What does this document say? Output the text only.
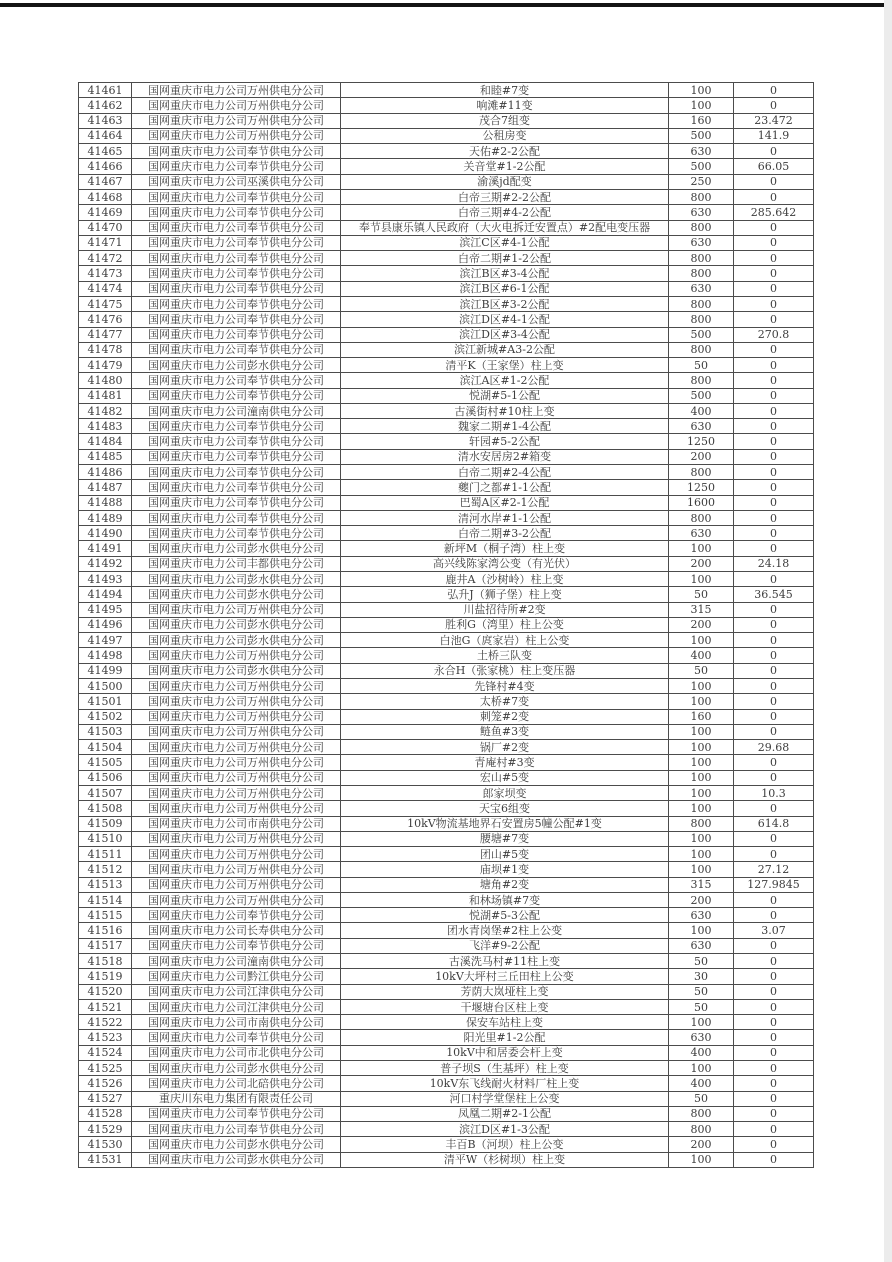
41461	国网重庆市电力公司万州供电分公司	和睦#7变	100	0
41462	国网重庆市电力公司万州供电分公司	响滩#11变	100	0
41463	国网重庆市电力公司万州供电分公司	茂合7组变	160	23.472
41464	国网重庆市电力公司万州供电分公司	公租房变	500	141.9
41465	国网重庆市电力公司奉节供电分公司	天佑#2-2公配	630	0
41466	国网重庆市电力公司奉节供电分公司	关音堂#1-2公配	500	66.05
41467	国网重庆市电力公司巫溪供电分公司	渝溪jd配变	250	0
41468	国网重庆市电力公司奉节供电分公司	白帝三期#2-2公配	800	0
41469	国网重庆市电力公司奉节供电分公司	白帝三期#4-2公配	630	285.642
41470	国网重庆市电力公司奉节供电分公司	奉节县康乐镇人民政府（大火电拆迁安置点）#2配电变压器	800	0
41471	国网重庆市电力公司奉节供电分公司	滨江C区#4-1公配	630	0
41472	国网重庆市电力公司奉节供电分公司	白帝二期#1-2公配	800	0
41473	国网重庆市电力公司奉节供电分公司	滨江B区#3-4公配	800	0
41474	国网重庆市电力公司奉节供电分公司	滨江B区#6-1公配	630	0
41475	国网重庆市电力公司奉节供电分公司	滨江B区#3-2公配	800	0
41476	国网重庆市电力公司奉节供电分公司	滨江D区#4-1公配	800	0
41477	国网重庆市电力公司奉节供电分公司	滨江D区#3-4公配	500	270.8
41478	国网重庆市电力公司奉节供电分公司	滨江新城#A3-2公配	800	0
41479	国网重庆市电力公司彭水供电分公司	清平K（王家堡）柱上变	50	0
41480	国网重庆市电力公司奉节供电分公司	滨江A区#1-2公配	800	0
41481	国网重庆市电力公司奉节供电分公司	悦湖#5-1公配	500	0
41482	国网重庆市电力公司潼南供电分公司	古溪街村#10柱上变	400	0
41483	国网重庆市电力公司奉节供电分公司	魏家二期#1-4公配	630	0
41484	国网重庆市电力公司奉节供电分公司	轩园#5-2公配	1250	0
41485	国网重庆市电力公司奉节供电分公司	清水安居房2#箱变	200	0
41486	国网重庆市电力公司奉节供电分公司	白帝二期#2-4公配	800	0
41487	国网重庆市电力公司奉节供电分公司	夔门之都#1-1公配	1250	0
41488	国网重庆市电力公司奉节供电分公司	巴蜀A区#2-1公配	1600	0
41489	国网重庆市电力公司奉节供电分公司	清河水岸#1-1公配	800	0
41490	国网重庆市电力公司奉节供电分公司	白帝二期#3-2公配	630	0
41491	国网重庆市电力公司彭水供电分公司	新坪M（桐子湾）柱上变	100	0
41492	国网重庆市电力公司丰都供电分公司	高兴线陈家湾公变（有光伏）	200	24.18
41493	国网重庆市电力公司彭水供电分公司	鹿井A（沙树岭）柱上变	100	0
41494	国网重庆市电力公司彭水供电分公司	弘升J（狮子堡）柱上变	50	36.545
41495	国网重庆市电力公司万州供电分公司	川盐招待所#2变	315	0
41496	国网重庆市电力公司彭水供电分公司	胜利G（湾里）柱上公变	200	0
41497	国网重庆市电力公司彭水供电分公司	白池G（庹家岩）柱上公变	100	0
41498	国网重庆市电力公司万州供电分公司	土桥三队变	400	0
41499	国网重庆市电力公司彭水供电分公司	永合H（张家桃）柱上变压器	50	0
41500	国网重庆市电力公司万州供电分公司	先锋村#4变	100	0
41501	国网重庆市电力公司万州供电分公司	太桥#7变	100	0
41502	国网重庆市电力公司万州供电分公司	刺笼#2变	160	0
41503	国网重庆市电力公司万州供电分公司	鲢鱼#3变	100	0
41504	国网重庆市电力公司万州供电分公司	锅厂#2变	100	29.68
41505	国网重庆市电力公司万州供电分公司	青庵村#3变	100	0
41506	国网重庆市电力公司万州供电分公司	宏山#5变	100	0
41507	国网重庆市电力公司万州供电分公司	郎家坝变	100	10.3
41508	国网重庆市电力公司万州供电分公司	天宝6组变	100	0
41509	国网重庆市电力公司市南供电分公司	10kV物流基地界石安置房5幢公配#1变	800	614.8
41510	国网重庆市电力公司万州供电分公司	腰塘#7变	100	0
41511	国网重庆市电力公司万州供电分公司	团山#5变	100	0
41512	国网重庆市电力公司万州供电分公司	庙坝#1变	100	27.12
41513	国网重庆市电力公司万州供电分公司	塘角#2变	315	127.9845
41514	国网重庆市电力公司万州供电分公司	和林场镇#7变	200	0
41515	国网重庆市电力公司奉节供电分公司	悦湖#5-3公配	630	0
41516	国网重庆市电力公司长寿供电分公司	团水青岗堡#2柱上公变	100	3.07
41517	国网重庆市电力公司奉节供电分公司	飞洋#9-2公配	630	0
41518	国网重庆市电力公司潼南供电分公司	古溪洗马村#11柱上变	50	0
41519	国网重庆市电力公司黔江供电分公司	10kV大坪村三丘田柱上公变	30	0
41520	国网重庆市电力公司江津供电分公司	芳荫大岚垭柱上变	50	0
41521	国网重庆市电力公司江津供电分公司	干堰塘台区柱上变	50	0
41522	国网重庆市电力公司市南供电分公司	保安车站柱上变	100	0
41523	国网重庆市电力公司奉节供电分公司	阳光里#1-2公配	630	0
41524	国网重庆市电力公司市北供电分公司	10kV中和居委会杆上变	400	0
41525	国网重庆市电力公司彭水供电分公司	普子坝S（生基坪）柱上变	100	0
41526	国网重庆市电力公司北碚供电分公司	10kV东飞线耐火材料厂柱上变	400	0
41527	重庆川东电力集团有限责任公司	河口村学堂堡柱上公变	50	0
41528	国网重庆市电力公司奉节供电分公司	凤凰二期#2-1公配	800	0
41529	国网重庆市电力公司奉节供电分公司	滨江D区#1-3公配	800	0
41530	国网重庆市电力公司彭水供电分公司	丰百B（河坝）柱上公变	200	0
41531	国网重庆市电力公司彭水供电分公司	清平W（杉树坝）柱上变	100	0
